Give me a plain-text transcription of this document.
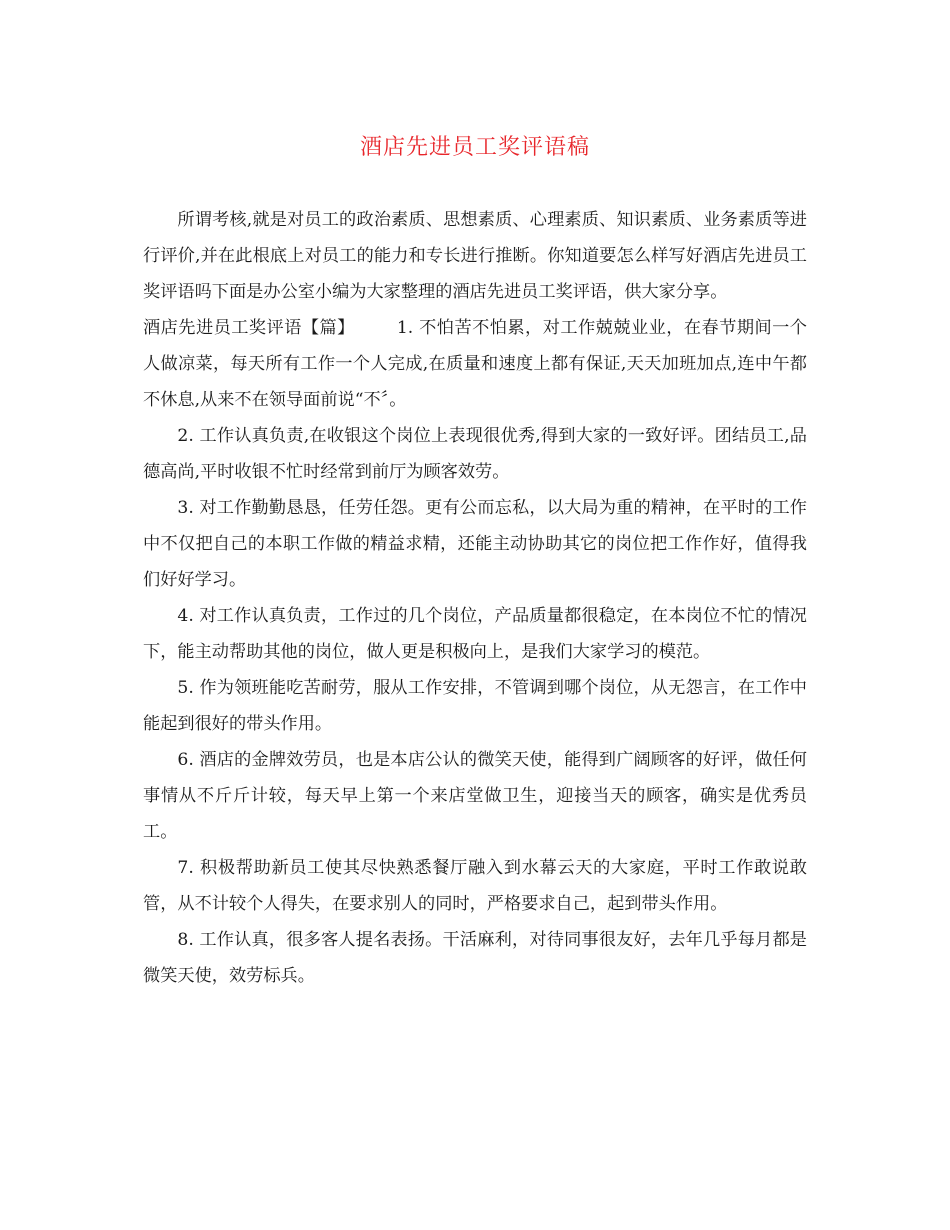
酒店先进员工奖评语稿

所谓考核,就是对员工的政治素质、思想素质、心理素质、知识素质、业务素质等进行评价,并在此根底上对员工的能力和专长进行推断。你知道要怎么样写好酒店先进员工奖评语吗下面是办公室小编为大家整理的酒店先进员工奖评语，供大家分享。

酒店先进员工奖评语【篇】 1. 不怕苦不怕累，对工作兢兢业业，在春节期间一个人做凉菜，每天所有工作一个人完成,在质量和速度上都有保证,天天加班加点,连中午都不休息,从来不在领导面前说“不〞。

2. 工作认真负责,在收银这个岗位上表现很优秀,得到大家的一致好评。团结员工,品德高尚,平时收银不忙时经常到前厅为顾客效劳。

3. 对工作勤勤恳恳，任劳任怨。更有公而忘私，以大局为重的精神，在平时的工作中不仅把自己的本职工作做的精益求精，还能主动协助其它的岗位把工作作好，值得我们好好学习。

4. 对工作认真负责，工作过的几个岗位，产品质量都很稳定，在本岗位不忙的情况下，能主动帮助其他的岗位，做人更是积极向上，是我们大家学习的模范。

5. 作为领班能吃苦耐劳，服从工作安排，不管调到哪个岗位，从无怨言，在工作中能起到很好的带头作用。

6. 酒店的金牌效劳员，也是本店公认的微笑天使，能得到广阔顾客的好评，做任何事情从不斤斤计较，每天早上第一个来店堂做卫生，迎接当天的顾客，确实是优秀员工。

7. 积极帮助新员工使其尽快熟悉餐厅融入到水幕云天的大家庭，平时工作敢说敢管，从不计较个人得失，在要求别人的同时，严格要求自己，起到带头作用。

8. 工作认真，很多客人提名表扬。干活麻利，对待同事很友好，去年几乎每月都是微笑天使，效劳标兵。
